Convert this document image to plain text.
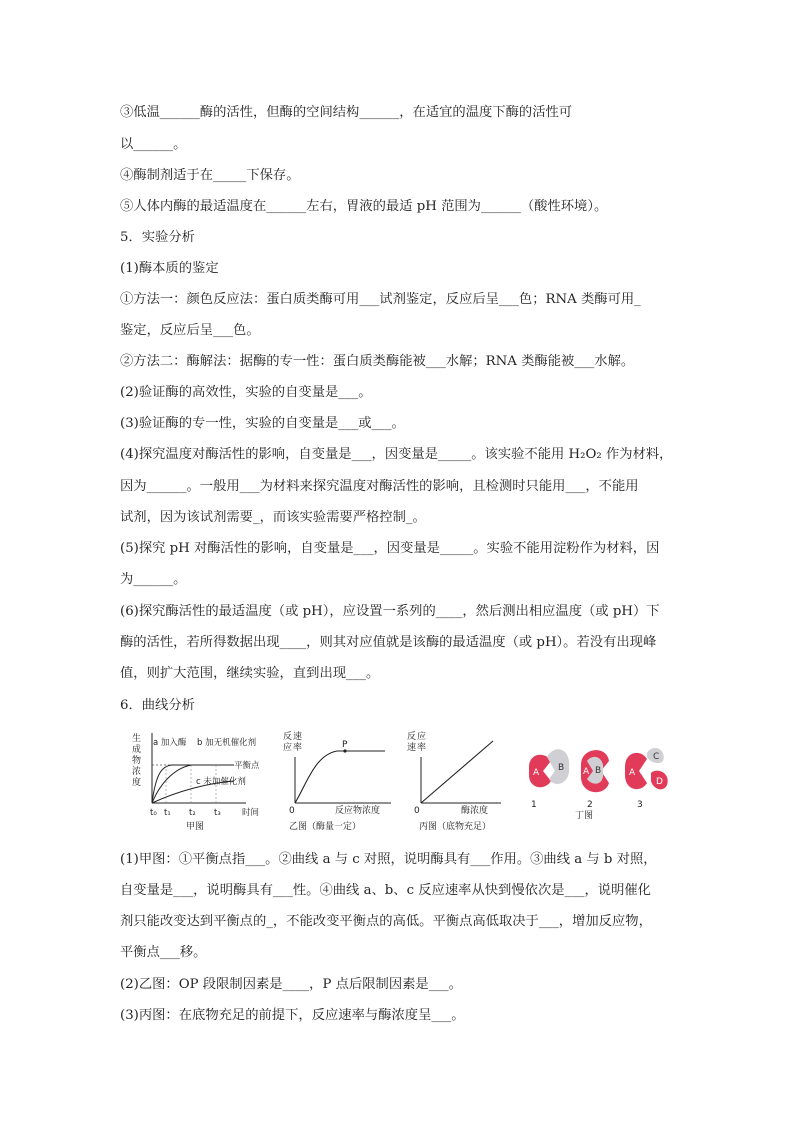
③低温______酶的活性，但酶的空间结构______，在适宜的温度下酶的活性可
以______。
④酶制剂适于在_____下保存。
⑤人体内酶的最适温度在______左右，胃液的最适 pH 范围为______（酸性环境）。
5．实验分析
(1)酶本质的鉴定
①方法一：颜色反应法：蛋白质类酶可用___试剂鉴定，反应后呈___色；RNA 类酶可用_
鉴定，反应后呈___色。
②方法二：酶解法：据酶的专一性：蛋白质类酶能被___水解；RNA 类酶能被___水解。
(2)验证酶的高效性，实验的自变量是___。
(3)验证酶的专一性，实验的自变量是___或___。
(4)探究温度对酶活性的影响，自变量是___，因变量是_____。该实验不能用 H₂O₂ 作为材料，
因为______。一般用___为材料来探究温度对酶活性的影响，且检测时只能用___，不能用
试剂，因为该试剂需要_，而该实验需要严格控制_。
(5)探究 pH 对酶活性的影响，自变量是___，因变量是_____。实验不能用淀粉作为材料，因
为______。
(6)探究酶活性的最适温度（或 pH），应设置一系列的____，然后测出相应温度（或 pH）下
酶的活性，若所得数据出现____，则其对应值就是该酶的最适温度（或 pH）。若没有出现峰
值，则扩大范围，继续实验，直到出现___。
6．曲线分析
(1)甲图：①平衡点指___。②曲线 a 与 c 对照，说明酶具有___作用。③曲线 a 与 b 对照，
自变量是___，说明酶具有___性。④曲线 a、b、c 反应速率从快到慢依次是___，说明催化
剂只能改变达到平衡点的_，不能改变平衡点的高低。平衡点高低取决于___，增加反应物，
平衡点___移。
(2)乙图：OP 段限制因素是____，P 点后限制因素是___。
(3)丙图：在底物充足的前提下，反应速率与酶浓度呈___。
生
成
物
浓
度
a 加入酶 b 加无机催化剂
平衡点
c 未加催化剂
t₀ t₁ t₂ t₃	时间
甲图
反
应
速
率	P
0	反应物浓度
乙图（酶量一定）
反 应
速 率
0	酶浓度
丙图（底物充足）
A B
1
A B
2
A
C
D
3
丁图
